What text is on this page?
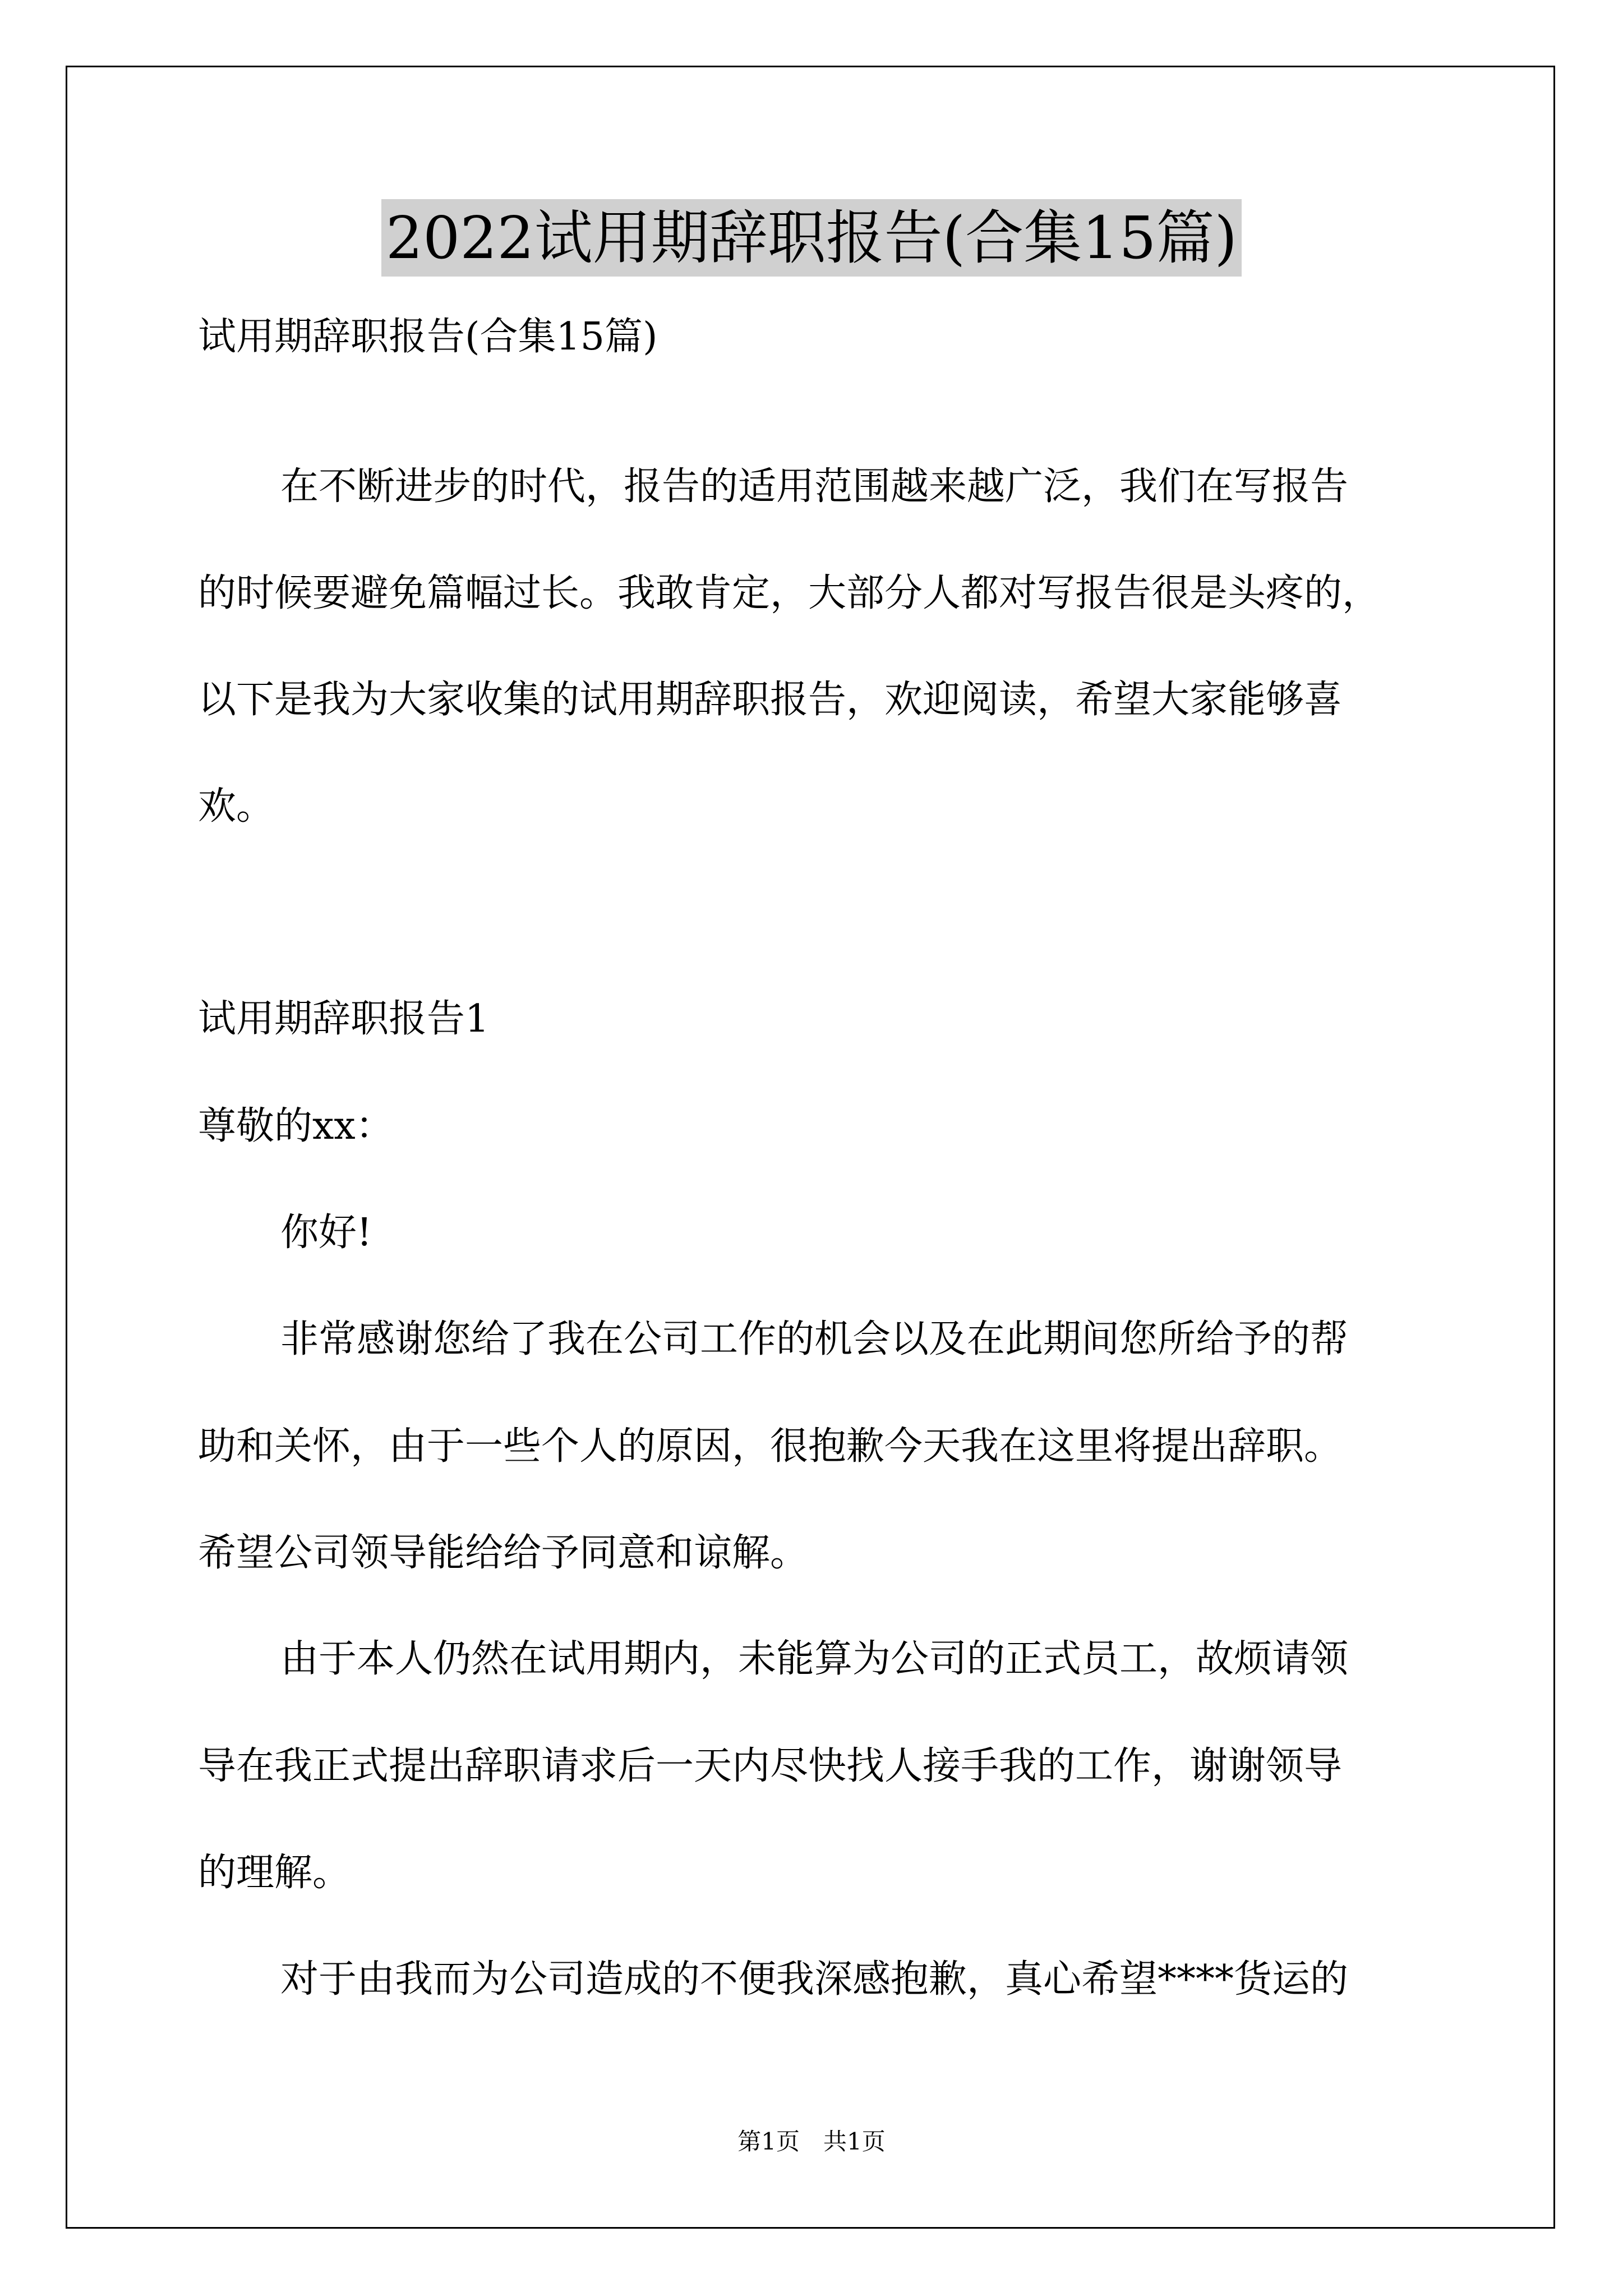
2022试用期辞职报告(合集15篇)
试用期辞职报告(合集15篇)
在不断进步的时代，报告的适用范围越来越广泛，我们在写报告
的时候要避免篇幅过长。我敢肯定，大部分人都对写报告很是头疼的，
以下是我为大家收集的试用期辞职报告，欢迎阅读，希望大家能够喜
欢。
试用期辞职报告1
尊敬的xx：
你好!
非常感谢您给了我在公司工作的机会以及在此期间您所给予的帮
助和关怀，由于一些个人的原因，很抱歉今天我在这里将提出辞职。
希望公司领导能给给予同意和谅解。
由于本人仍然在试用期内，未能算为公司的正式员工，故烦请领
导在我正式提出辞职请求后一天内尽快找人接手我的工作，谢谢领导
的理解。
对于由我而为公司造成的不便我深感抱歉，真心希望****货运的
第1页　共1页
